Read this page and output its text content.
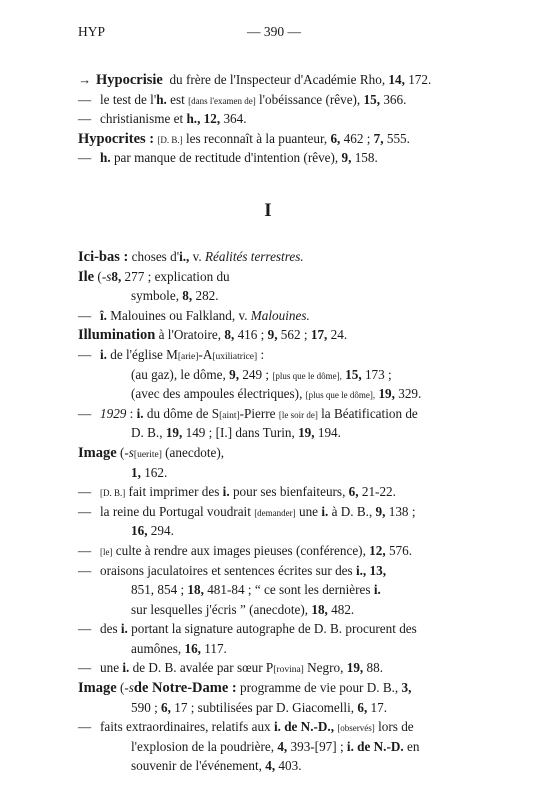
HYP	— 390 —
→ Hypocrisie  du frère de l'Inspecteur d'Académie Rho, 14, 172.
— le test de l'h. est [dans l'examen de] l'obéissance (rêve), 15, 366.
— christianisme et h., 12, 364.
Hypocrites : [D. B.] les reconnaît à la puanteur, 6, 462 ; 7, 555.
— h. par manque de rectitude d'intention (rêve), 9, 158.
I
Ici-bas : choses d'i., v. Réalités terrestres.
Ile (-s8, 277 ; explication du
symbole, 8, 282.
— î. Malouines ou Falkland, v. Malouines.
Illumination à l'Oratoire, 8, 416 ; 9, 562 ; 17, 24.
— i. de l'église M[arie]-A[uxiliatrice] :
(au gaz), le dôme, 9, 249 ; [plus que le dôme], 15, 173 ;
(avec des ampoules électriques), [plus que le dôme], 19, 329.
— 1929 : i. du dôme de S[aint]-Pierre [le soir de] la Béatification de
D. B., 19, 149 ; [I.] dans Turin, 19, 194.
Image (-s[uerite] (anecdote),
1, 162.
— [D. B.] fait imprimer des i. pour ses bienfaiteurs, 6, 21-22.
— la reine du Portugal voudrait [demander] une i. à D. B., 9, 138 ;
16, 294.
— [le] culte à rendre aux images pieuses (conférence), 12, 576.
— oraisons jaculatoires et sentences écrites sur des i., 13,
851, 854 ; 18, 481-84 ; “ ce sont les dernières i.
sur lesquelles j'écris ” (anecdote), 18, 482.
— des i. portant la signature autographe de D. B. procurent des
aumônes, 16, 117.
— une i. de D. B. avalée par sœur P[rovina] Negro, 19, 88.
Image (-sde Notre-Dame : programme de vie pour D. B., 3,
590 ; 6, 17 ; subtilisées par D. Giacomelli, 6, 17.
— faits extraordinaires, relatifs aux i. de N.-D., [observés] lors de
l'explosion de la poudrière, 4, 393-[97] ; i. de N.-D. en
souvenir de l'événement, 4, 403.
